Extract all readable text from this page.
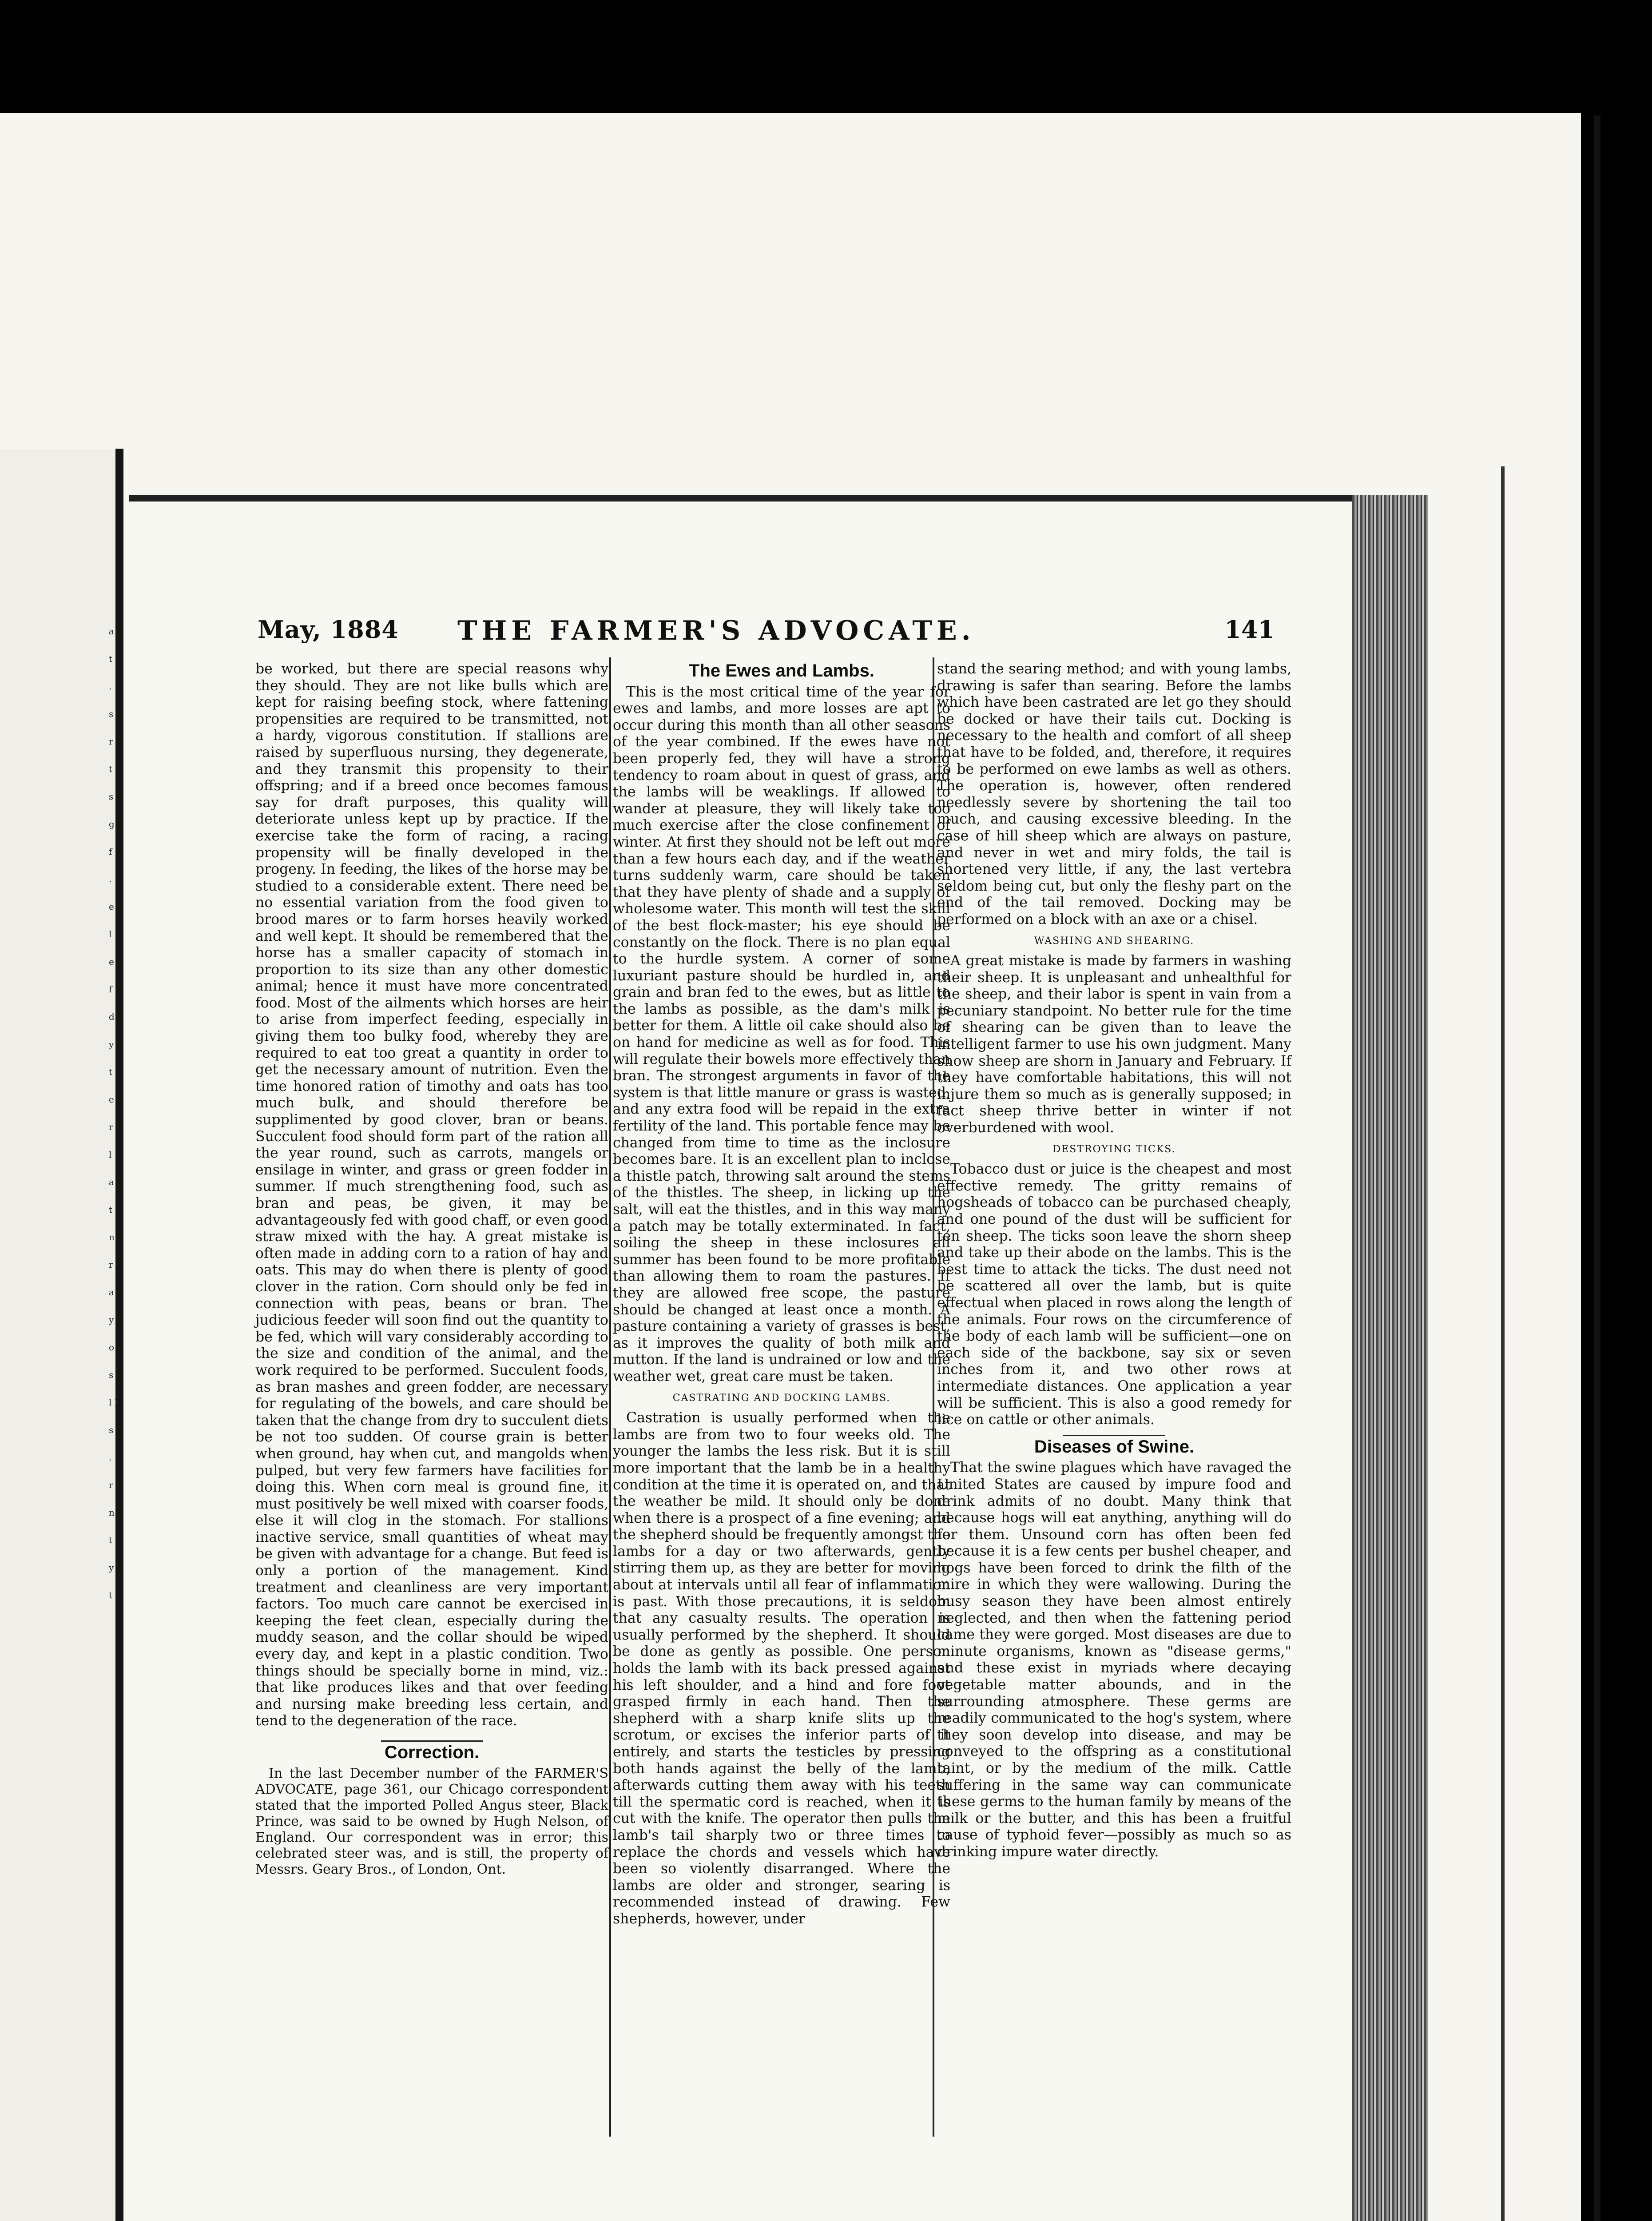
a t . s r t s g f . e l e f d y t e r l a t n r a y o s l l s . r n t y t
May, 1884 THE FARMER'S ADVOCATE.	141

be worked, but there are special reasons why they should. They are not like bulls which are kept for raising beefing stock, where fattening propensities are required to be transmitted, not a hardy, vigorous constitution. If stallions are raised by superfluous nursing, they degenerate, and they transmit this propensity to their offspring; and if a breed once becomes famous say for draft purposes, this quality will deteriorate unless kept up by practice. If the exercise take the form of racing, a racing propensity will be finally developed in the progeny. In feeding, the likes of the horse may be studied to a considerable extent. There need be no essential variation from the food given to brood mares or to farm horses heavily worked and well kept. It should be remembered that the horse has a smaller capacity of stomach in proportion to its size than any other domestic animal; hence it must have more concentrated food. Most of the ailments which horses are heir to arise from imperfect feeding, especially in giving them too bulky food, whereby they are required to eat too great a quantity in order to get the necessary amount of nutrition. Even the time honored ration of timothy and oats has too much bulk, and should therefore be supplimented by good clover, bran or beans. Succulent food should form part of the ration all the year round, such as carrots, mangels or ensilage in winter, and grass or green fodder in summer. If much strengthening food, such as bran and peas, be given, it may be advantageously fed with good chaff, or even good straw mixed with the hay. A great mistake is often made in adding corn to a ration of hay and oats. This may do when there is plenty of good clover in the ration. Corn should only be fed in connection with peas, beans or bran. The judicious feeder will soon find out the quantity to be fed, which will vary considerably according to the size and condition of the animal, and the work required to be performed. Succulent foods, as bran mashes and green fodder, are necessary for regulating of the bowels, and care should be taken that the change from dry to succulent diets be not too sudden. Of course grain is better when ground, hay when cut, and mangolds when pulped, but very few farmers have facilities for doing this. When corn meal is ground fine, it must positively be well mixed with coarser foods, else it will clog in the stomach. For stallions inactive service, small quantities of wheat may be given with advantage for a change. But feed is only a portion of the management. Kind treatment and cleanliness are very important factors. Too much care cannot be exercised in keeping the feet clean, especially during the muddy season, and the collar should be wiped every day, and kept in a plastic condition. Two things should be specially borne in mind, viz.: that like produces likes and that over feeding and nursing make breeding less certain, and tend to the degeneration of the race.

Correction.

In the last December number of the FARMER'S ADVOCATE, page 361, our Chicago correspondent stated that the imported Polled Angus steer, Black Prince, was said to be owned by Hugh Nelson, of England. Our correspondent was in error; this celebrated steer was, and is still, the property of Messrs. Geary Bros., of London, Ont.

The Ewes and Lambs.

This is the most critical time of the year for ewes and lambs, and more losses are apt to occur during this month than all other seasons of the year combined. If the ewes have not been properly fed, they will have a strong tendency to roam about in quest of grass, and the lambs will be weaklings. If allowed to wander at pleasure, they will likely take too much exercise after the close confinement of winter. At first they should not be left out more than a few hours each day, and if the weather turns suddenly warm, care should be taken that they have plenty of shade and a supply of wholesome water. This month will test the skill of the best flock-master; his eye should be constantly on the flock. There is no plan equal to the hurdle system. A corner of some luxuriant pasture should be hurdled in, and grain and bran fed to the ewes, but as little to the lambs as possible, as the dam's milk is better for them. A little oil cake should also be on hand for medicine as well as for food. This will regulate their bowels more effectively than bran. The strongest arguments in favor of the system is that little manure or grass is wasted, and any extra food will be repaid in the extra fertility of the land. This portable fence may be changed from time to time as the inclosure becomes bare. It is an excellent plan to inclose a thistle patch, throwing salt around the stems of the thistles. The sheep, in licking up the salt, will eat the thistles, and in this way many a patch may be totally exterminated. In fact, soiling the sheep in these inclosures all summer has been found to be more profitable than allowing them to roam the pastures. If they are allowed free scope, the pasture should be changed at least once a month. A pasture containing a variety of grasses is best, as it improves the quality of both milk and mutton. If the land is undrained or low and the weather wet, great care must be taken.

CASTRATING AND DOCKING LAMBS.

Castration is usually performed when the lambs are from two to four weeks old. The younger the lambs the less risk. But it is still more important that the lamb be in a healthy condition at the time it is operated on, and that the weather be mild. It should only be done when there is a prospect of a fine evening; and the shepherd should be frequently amongst the lambs for a day or two afterwards, gently stirring them up, as they are better for moving about at intervals until all fear of inflammation is past. With those precautions, it is seldom that any casualty results. The operation is usually performed by the shepherd. It should be done as gently as possible. One person holds the lamb with its back pressed against his left shoulder, and a hind and fore foot grasped firmly in each hand. Then the shepherd with a sharp knife slits up the scrotum, or excises the inferior parts of it entirely, and starts the testicles by pressing both hands against the belly of the lamb, afterwards cutting them away with his teeth till the spermatic cord is reached, when it is cut with the knife. The operator then pulls the lamb's tail sharply two or three times to replace the chords and vessels which have been so violently disarranged. Where the lambs are older and stronger, searing is recommended instead of drawing. Few shepherds, however, under

stand the searing method; and with young lambs, drawing is safer than searing. Before the lambs which have been castrated are let go they should be docked or have their tails cut. Docking is necessary to the health and comfort of all sheep that have to be folded, and, therefore, it requires to be performed on ewe lambs as well as others. The operation is, however, often rendered needlessly severe by shortening the tail too much, and causing excessive bleeding. In the case of hill sheep which are always on pasture, and never in wet and miry folds, the tail is shortened very little, if any, the last vertebra seldom being cut, but only the fleshy part on the end of the tail removed. Docking may be performed on a block with an axe or a chisel.

WASHING AND SHEARING.

A great mistake is made by farmers in washing their sheep. It is unpleasant and unhealthful for the sheep, and their labor is spent in vain from a pecuniary standpoint. No better rule for the time of shearing can be given than to leave the intelligent farmer to use his own judgment. Many show sheep are shorn in January and February. If they have comfortable habitations, this will not injure them so much as is generally supposed; in fact sheep thrive better in winter if not overburdened with wool.

DESTROYING TICKS.

Tobacco dust or juice is the cheapest and most effective remedy. The gritty remains of hogsheads of tobacco can be purchased cheaply, and one pound of the dust will be sufficient for ten sheep. The ticks soon leave the shorn sheep and take up their abode on the lambs. This is the best time to attack the ticks. The dust need not be scattered all over the lamb, but is quite effectual when placed in rows along the length of the animals. Four rows on the circumference of the body of each lamb will be sufficient—one on each side of the backbone, say six or seven inches from it, and two other rows at intermediate distances. One application a year will be sufficient. This is also a good remedy for lice on cattle or other animals.

Diseases of Swine.

That the swine plagues which have ravaged the United States are caused by impure food and drink admits of no doubt. Many think that because hogs will eat anything, anything will do for them. Unsound corn has often been fed because it is a few cents per bushel cheaper, and hogs have been forced to drink the filth of the mire in which they were wallowing. During the busy season they have been almost entirely neglected, and then when the fattening period came they were gorged. Most diseases are due to minute organisms, known as "disease germs," and these exist in myriads where decaying vegetable matter abounds, and in the surrounding atmosphere. These germs are readily communicated to the hog's system, where they soon develop into disease, and may be conveyed to the offspring as a constitutional taint, or by the medium of the milk. Cattle suffering in the same way can communicate these germs to the human family by means of the milk or the butter, and this has been a fruitful cause of typhoid fever—possibly as much so as drinking impure water directly.
